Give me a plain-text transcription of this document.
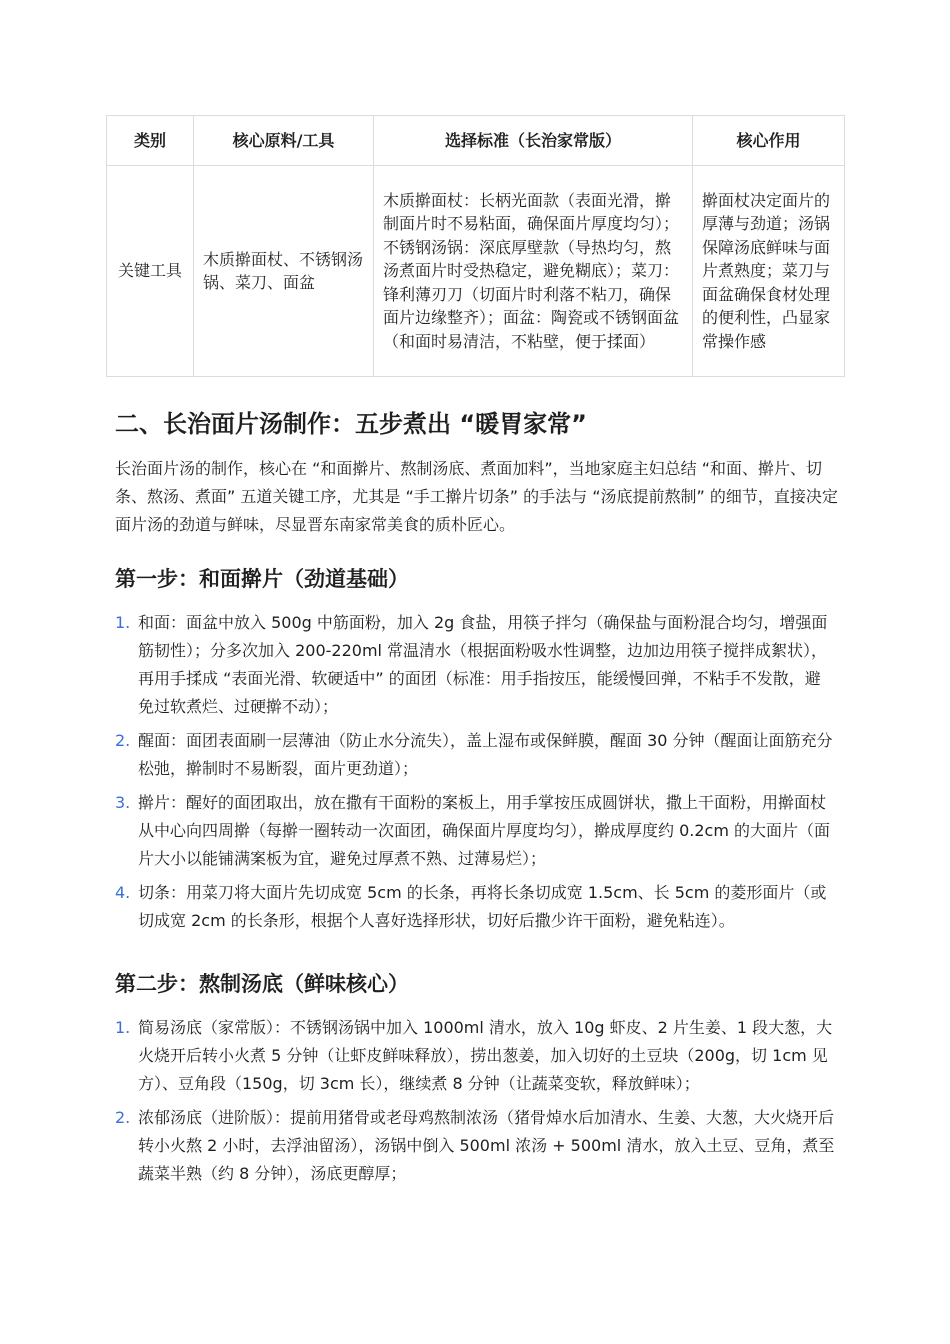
类别	核心原料/工具	选择标准（长治家常版）	核心作用
关键工具	木质擀面杖、不锈钢汤锅、菜刀、面盆	木质擀面杖：长柄光面款（表面光滑，擀制面片时不易粘面，确保面片厚度均匀）；不锈钢汤锅：深底厚壁款（导热均匀，熬汤煮面片时受热稳定，避免糊底）；菜刀：锋利薄刃刀（切面片时利落不粘刀，确保面片边缘整齐）；面盆：陶瓷或不锈钢面盆（和面时易清洁，不粘壁，便于揉面）	擀面杖决定面片的厚薄与劲道；汤锅保障汤底鲜味与面片煮熟度；菜刀与面盆确保食材处理的便利性，凸显家常操作感
二、长治面片汤制作：五步煮出 “暖胃家常”

长治面片汤的制作，核心在 “和面擀片、熬制汤底、煮面加料”，当地家庭主妇总结 “和面、擀片、切条、熬汤、煮面” 五道关键工序，尤其是 “手工擀片切条” 的手法与 “汤底提前熬制” 的细节，直接决定面片汤的劲道与鲜味，尽显晋东南家常美食的质朴匠心。

第一步：和面擀片（劲道基础）
1. 和面：面盆中放入 500g 中筋面粉，加入 2g 食盐，用筷子拌匀（确保盐与面粉混合均匀，增强面筋韧性）；分多次加入 200-220ml 常温清水（根据面粉吸水性调整，边加边用筷子搅拌成絮状），再用手揉成 “表面光滑、软硬适中” 的面团（标准：用手指按压，能缓慢回弹，不粘手不发散，避免过软煮烂、过硬擀不动）；
2. 醒面：面团表面刷一层薄油（防止水分流失），盖上湿布或保鲜膜，醒面 30 分钟（醒面让面筋充分松弛，擀制时不易断裂，面片更劲道）；
3. 擀片：醒好的面团取出，放在撒有干面粉的案板上，用手掌按压成圆饼状，撒上干面粉，用擀面杖从中心向四周擀（每擀一圈转动一次面团，确保面片厚度均匀），擀成厚度约 0.2cm 的大面片（面片大小以能铺满案板为宜，避免过厚煮不熟、过薄易烂）；
4. 切条：用菜刀将大面片先切成宽 5cm 的长条，再将长条切成宽 1.5cm、长 5cm 的菱形面片（或切成宽 2cm 的长条形，根据个人喜好选择形状，切好后撒少许干面粉，避免粘连）。
第二步：熬制汤底（鲜味核心）
1. 简易汤底（家常版）：不锈钢汤锅中加入 1000ml 清水，放入 10g 虾皮、2 片生姜、1 段大葱，大火烧开后转小火煮 5 分钟（让虾皮鲜味释放），捞出葱姜，加入切好的土豆块（200g，切 1cm 见方）、豆角段（150g，切 3cm 长），继续煮 8 分钟（让蔬菜变软，释放鲜味）；
2. 浓郁汤底（进阶版）：提前用猪骨或老母鸡熬制浓汤（猪骨焯水后加清水、生姜、大葱，大火烧开后转小火熬 2 小时，去浮油留汤），汤锅中倒入 500ml 浓汤 + 500ml 清水，放入土豆、豆角，煮至蔬菜半熟（约 8 分钟），汤底更醇厚；
